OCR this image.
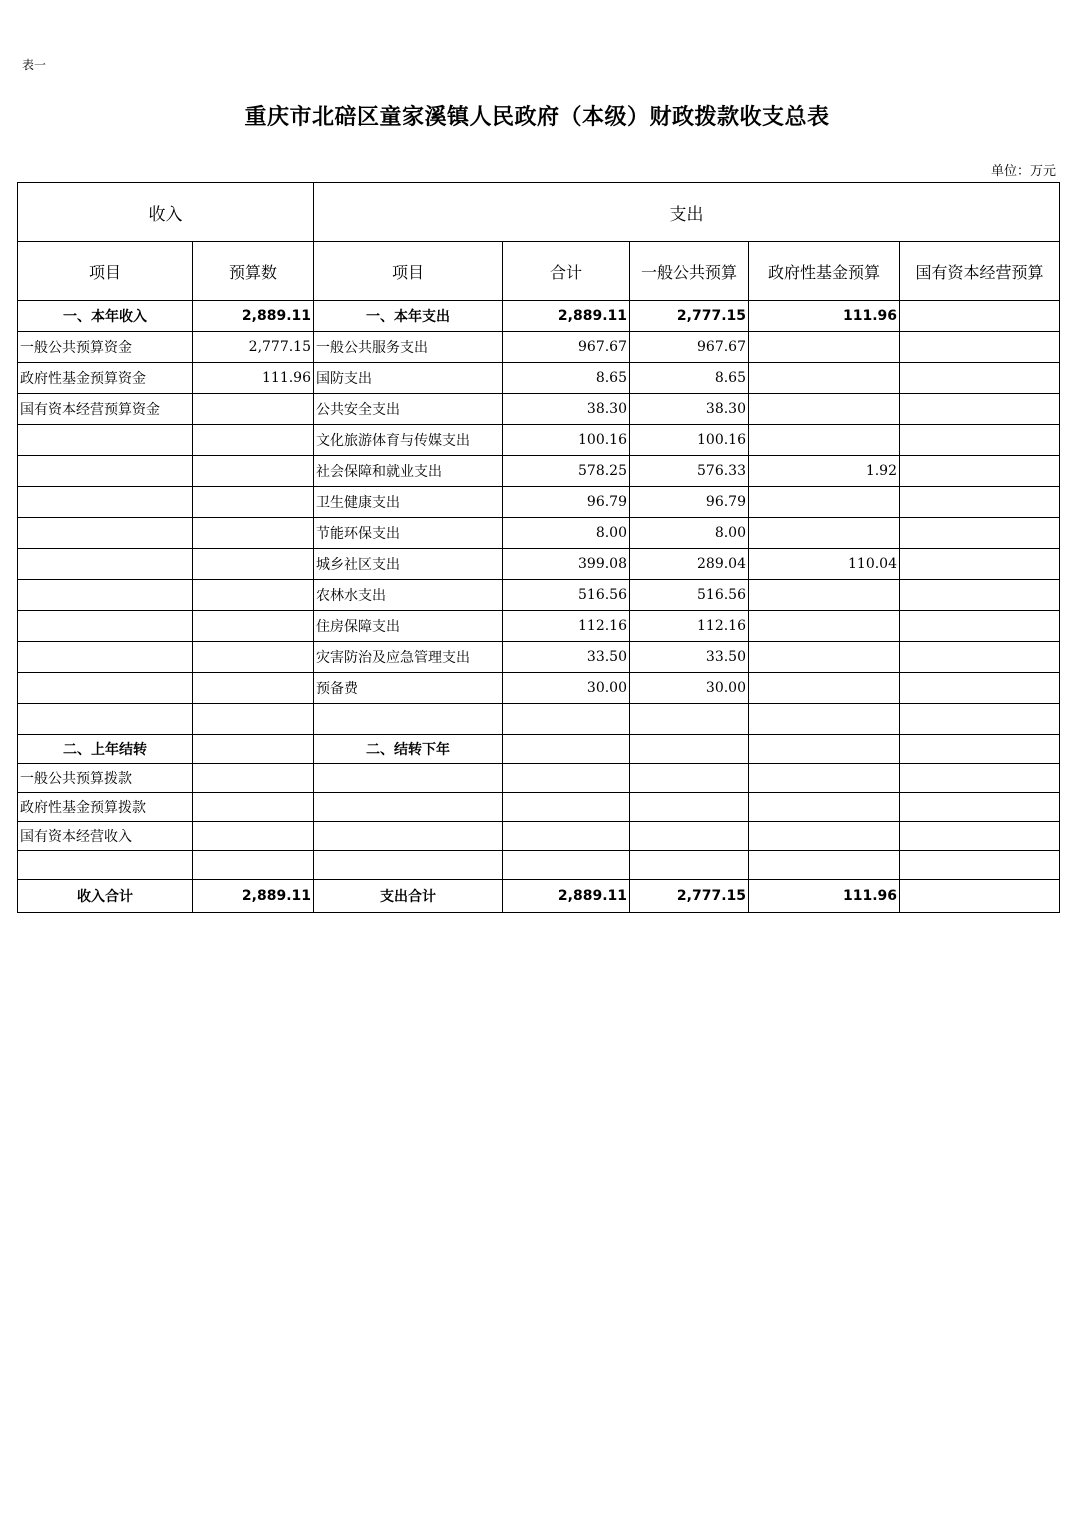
表一
重庆市北碚区童家溪镇人民政府（本级）财政拨款收支总表
单位：万元
收入		支出				
项目	预算数	项目	合计	一般公共预算	政府性基金预算	国有资本经营预算
一、本年收入	2,889.11	一、本年支出	2,889.11	2,777.15	111.96	
一般公共预算资金	2,777.15	一般公共服务支出	967.67	967.67		
政府性基金预算资金	111.96	国防支出	8.65	8.65		
国有资本经营预算资金		公共安全支出	38.30	38.30		
		文化旅游体育与传媒支出	100.16	100.16		
		社会保障和就业支出	578.25	576.33	1.92	
		卫生健康支出	96.79	96.79		
		节能环保支出	8.00	8.00		
		城乡社区支出	399.08	289.04	110.04	
		农林水支出	516.56	516.56		
		住房保障支出	112.16	112.16		
		灾害防治及应急管理支出	33.50	33.50		
		预备费	30.00	30.00		

二、上年结转		二、结转下年				
一般公共预算拨款						
政府性基金预算拨款						
国有资本经营收入						

收入合计	2,889.11	支出合计	2,889.11	2,777.15	111.96	
